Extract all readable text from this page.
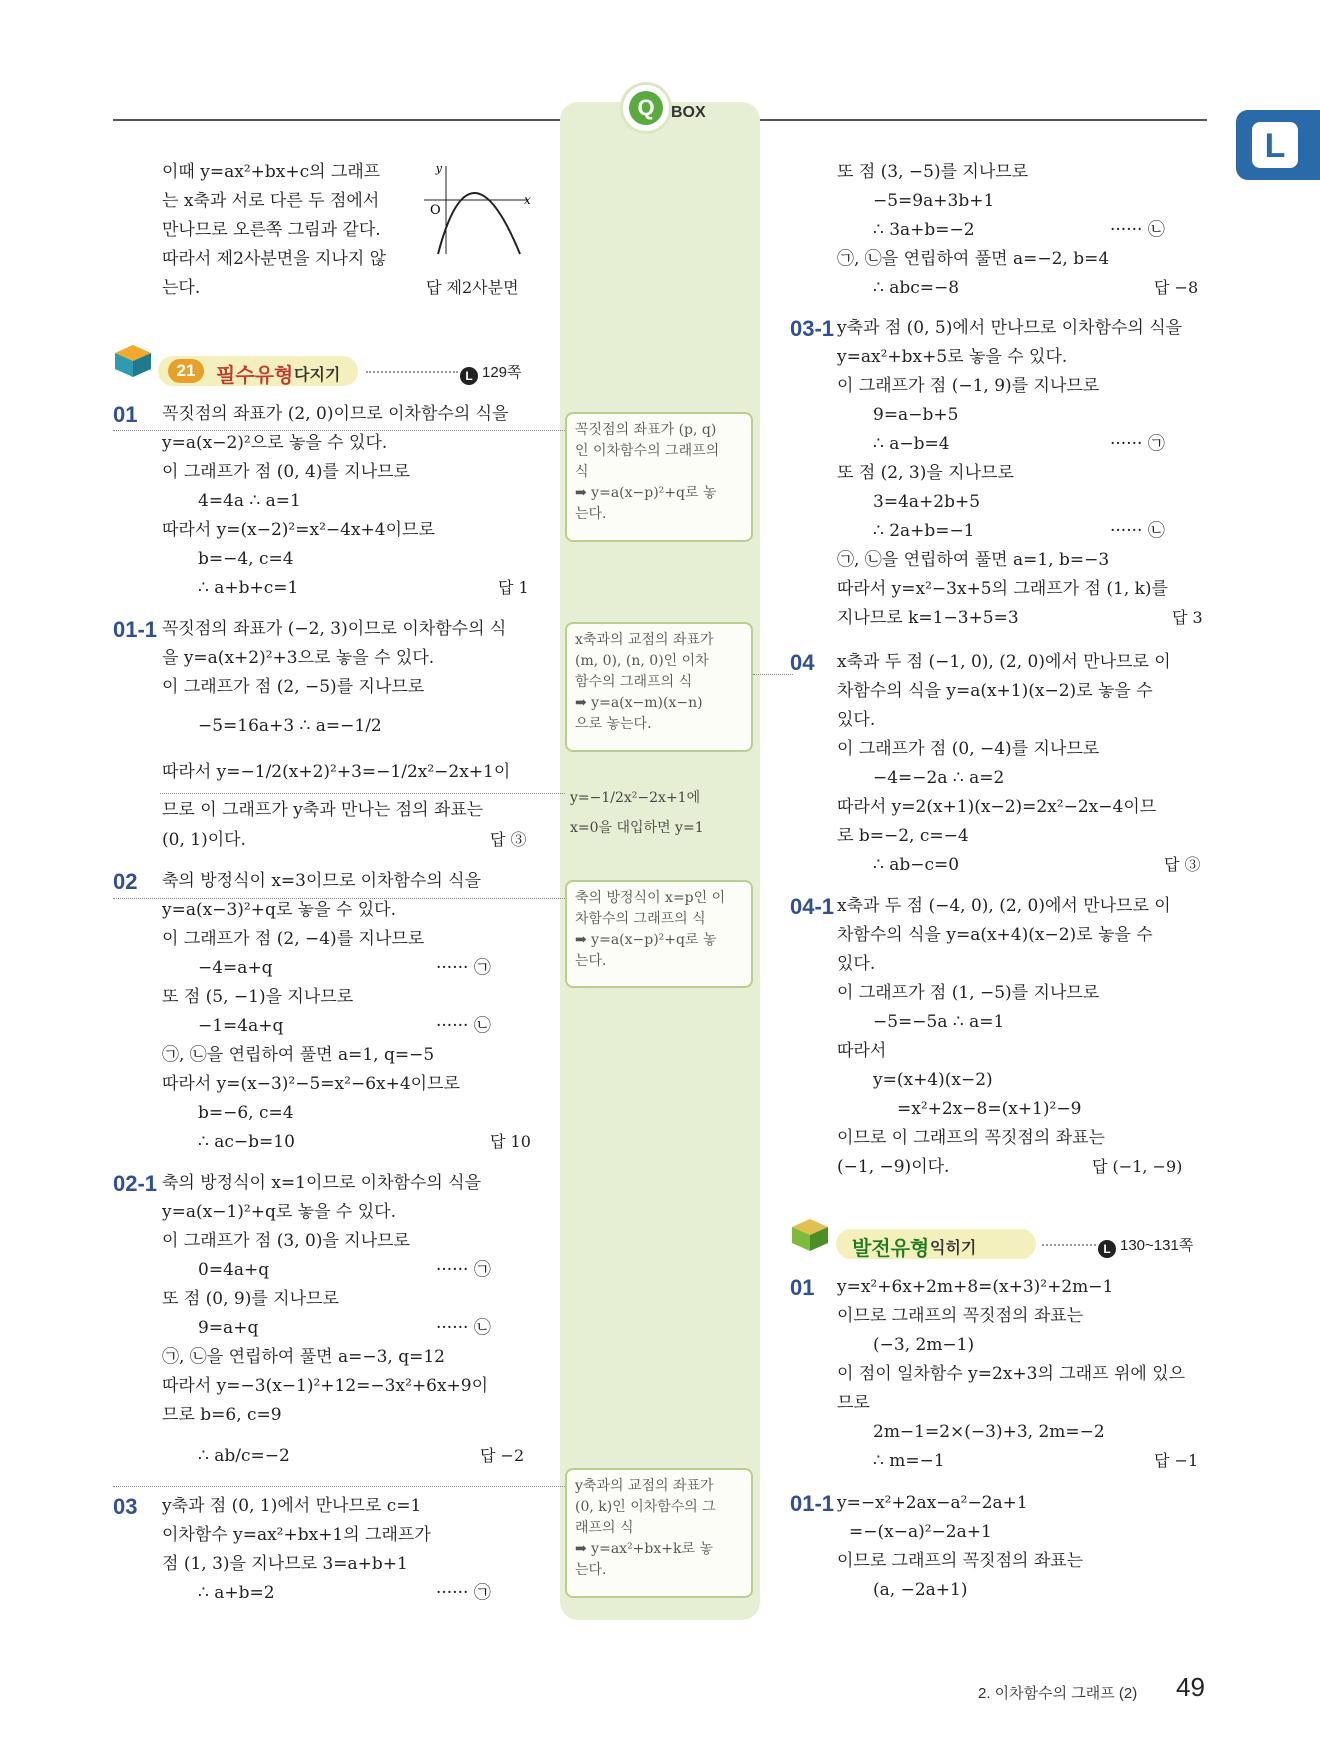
Q	BOX
L
이때 y=ax²+bx+c의 그래프
는 x축과 서로 다른 두 점에서
만나므로 오른쪽 그림과 같다.
따라서 제2사분면을 지나지 않
는다.	답 제2사분면
y
O
x
21	필수유형 다지기	L 129쪽
발전유형 익히기	L 130~131쪽
01 꼭짓점의 좌표가 (2, 0)이므로 이차함수의 식을
y=a(x−2)²으로 놓을 수 있다.
이 그래프가 점 (0, 4)를 지나므로
4=4a ∴ a=1
따라서 y=(x−2)²=x²−4x+4이므로
b=−4, c=4
∴ a+b+c=1	답 1
01-1 꼭짓점의 좌표가 (−2, 3)이므로 이차함수의 식
을 y=a(x+2)²+3으로 놓을 수 있다.
이 그래프가 점 (2, −5)를 지나므로
−5=16a+3 ∴ a=−1/2
따라서 y=−1/2(x+2)²+3=−1/2x²−2x+1이
므로 이 그래프가 y축과 만나는 점의 좌표는
(0, 1)이다.	답 ③
02 축의 방정식이 x=3이므로 이차함수의 식을
y=a(x−3)²+q로 놓을 수 있다.
이 그래프가 점 (2, −4)를 지나므로
−4=a+q	······ ㉠
또 점 (5, −1)을 지나므로
−1=4a+q	······ ㉡
㉠, ㉡을 연립하여 풀면 a=1, q=−5
따라서 y=(x−3)²−5=x²−6x+4이므로
b=−6, c=4
∴ ac−b=10	답 10
02-1 축의 방정식이 x=1이므로 이차함수의 식을
y=a(x−1)²+q로 놓을 수 있다.
이 그래프가 점 (3, 0)을 지나므로
0=4a+q	······ ㉠
또 점 (0, 9)를 지나므로
9=a+q	······ ㉡
㉠, ㉡을 연립하여 풀면 a=−3, q=12
따라서 y=−3(x−1)²+12=−3x²+6x+9이
므로 b=6, c=9
∴ ab/c=−2	답 −2
03 y축과 점 (0, 1)에서 만나므로 c=1
이차함수 y=ax²+bx+1의 그래프가
점 (1, 3)을 지나므로 3=a+b+1
∴ a+b=2	······ ㉠
꼭짓점의 좌표가 (p, q)
인 이차함수의 그래프의
식
➡ y=a(x−p)²+q로 놓
는다.
x축과의 교점의 좌표가
(m, 0), (n, 0)인 이차
함수의 그래프의 식
➡ y=a(x−m)(x−n)
으로 놓는다.
y=−1/2x²−2x+1에
x=0을 대입하면 y=1
축의 방정식이 x=p인 이
차함수의 그래프의 식
➡ y=a(x−p)²+q로 놓
는다.
y축과의 교점의 좌표가
(0, k)인 이차함수의 그
래프의 식
➡ y=ax²+bx+k로 놓
는다.
또 점 (3, −5)를 지나므로
−5=9a+3b+1
∴ 3a+b=−2	······ ㉡
㉠, ㉡을 연립하여 풀면 a=−2, b=4
∴ abc=−8	답 −8
03-1 y축과 점 (0, 5)에서 만나므로 이차함수의 식을
y=ax²+bx+5로 놓을 수 있다.
이 그래프가 점 (−1, 9)를 지나므로
9=a−b+5
∴ a−b=4	······ ㉠
또 점 (2, 3)을 지나므로
3=4a+2b+5
∴ 2a+b=−1	······ ㉡
㉠, ㉡을 연립하여 풀면 a=1, b=−3
따라서 y=x²−3x+5의 그래프가 점 (1, k)를
지나므로 k=1−3+5=3	답 3
04 x축과 두 점 (−1, 0), (2, 0)에서 만나므로 이
차함수의 식을 y=a(x+1)(x−2)로 놓을 수
있다.
이 그래프가 점 (0, −4)를 지나므로
−4=−2a ∴ a=2
따라서 y=2(x+1)(x−2)=2x²−2x−4이므
로 b=−2, c=−4
∴ ab−c=0	답 ③
04-1 x축과 두 점 (−4, 0), (2, 0)에서 만나므로 이
차함수의 식을 y=a(x+4)(x−2)로 놓을 수
있다.
이 그래프가 점 (1, −5)를 지나므로
−5=−5a ∴ a=1
따라서
y=(x+4)(x−2)
=x²+2x−8=(x+1)²−9
이므로 이 그래프의 꼭짓점의 좌표는
(−1, −9)이다.	답 (−1, −9)
01 y=x²+6x+2m+8=(x+3)²+2m−1
이므로 그래프의 꼭짓점의 좌표는
(−3, 2m−1)
이 점이 일차함수 y=2x+3의 그래프 위에 있으
므로
2m−1=2×(−3)+3, 2m=−2
∴ m=−1	답 −1
01-1 y=−x²+2ax−a²−2a+1
=−(x−a)²−2a+1
이므로 그래프의 꼭짓점의 좌표는
(a, −2a+1)
2. 이차함수의 그래프 (2) 49
